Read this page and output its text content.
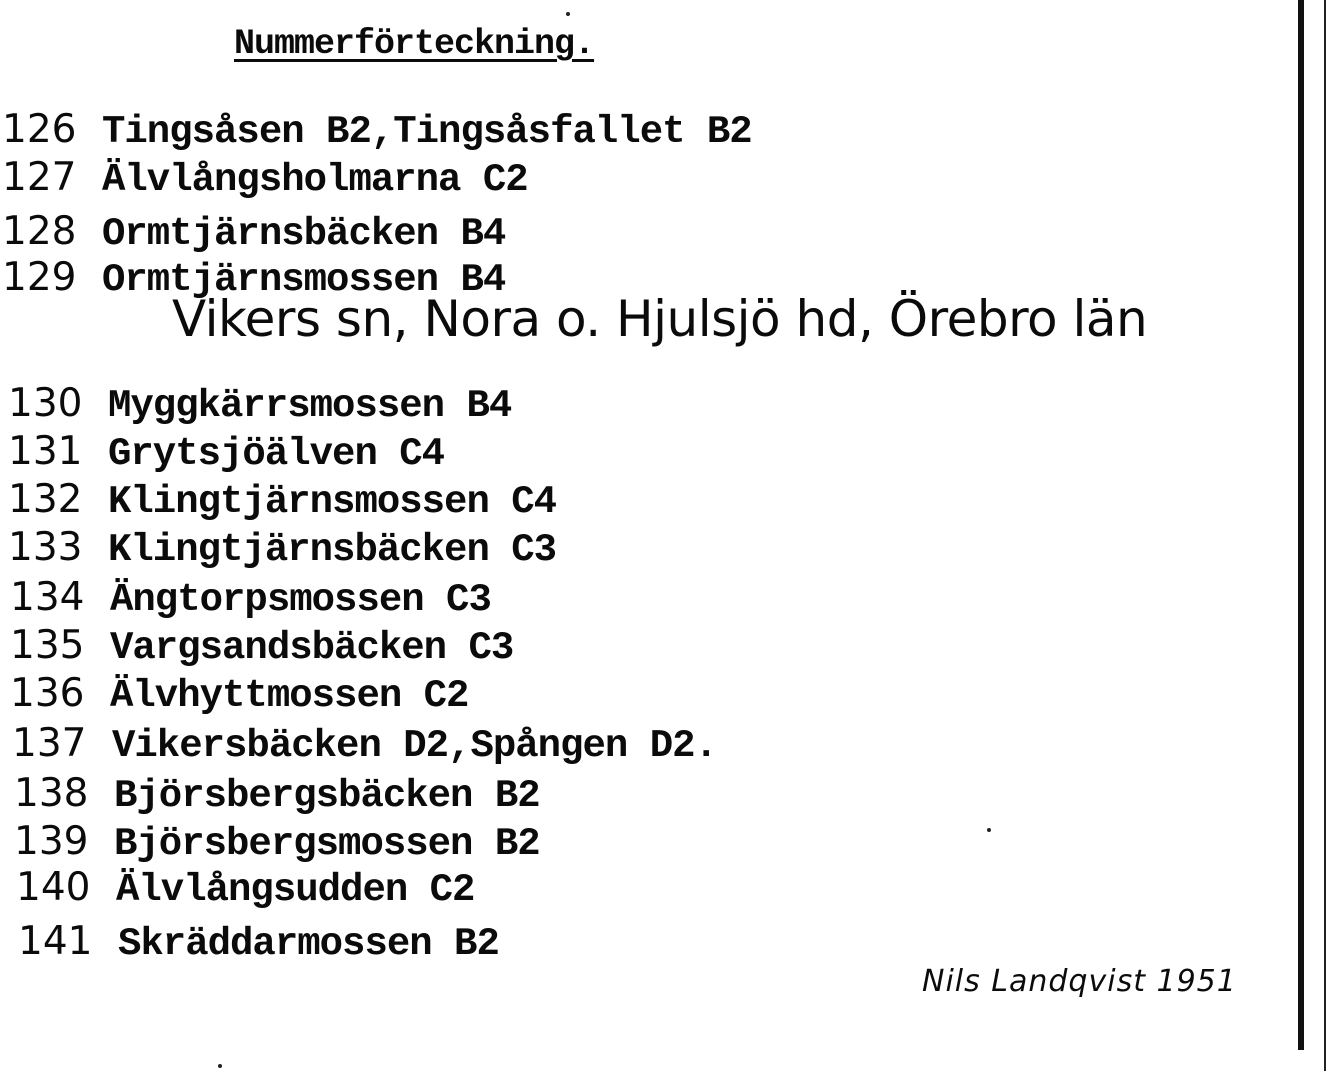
Nummerförteckning.
126 Tingsåsen B2,Tingsåsfallet B2
127 Älvlångsholmarna C2
128 Ormtjärnsbäcken B4
129 Ormtjärnsmossen B4
Vikers sn, Nora o. Hjulsjö hd, Örebro län
130 Myggkärrsmossen B4
131 Grytsjöälven C4
132 Klingtjärnsmossen C4
133 Klingtjärnsbäcken C3
134 Ängtorpsmossen C3
135 Vargsandsbäcken C3
136 Älvhyttmossen C2
137 Vikersbäcken D2,Spången D2.
138 Björsbergsbäcken B2
139 Björsbergsmossen B2
140 Älvlångsudden C2
141 Skräddarmossen B2
Nils Landqvist 1951
